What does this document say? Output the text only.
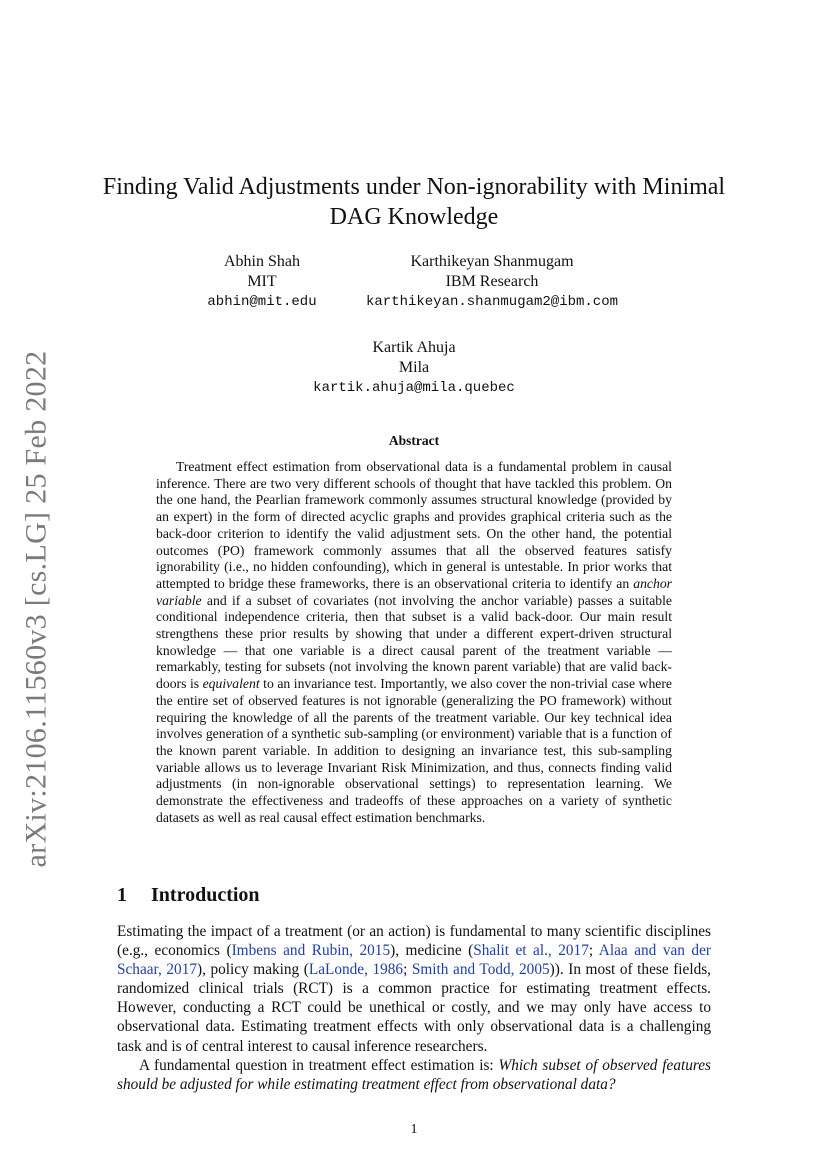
arXiv:2106.11560v3 [cs.LG] 25 Feb 2022
Finding Valid Adjustments under Non-ignorability with Minimal DAG Knowledge
Abhin Shah
MIT
abhin@mit.edu
Karthikeyan Shanmugam
IBM Research
karthikeyan.shanmugam2@ibm.com
Kartik Ahuja
Mila
kartik.ahuja@mila.quebec
Abstract

Treatment effect estimation from observational data is a fundamental problem in causal inference. There are two very different schools of thought that have tackled this problem. On the one hand, the Pearlian framework commonly assumes structural knowledge (provided by an expert) in the form of directed acyclic graphs and provides graphical criteria such as the back-door criterion to identify the valid adjustment sets. On the other hand, the potential outcomes (PO) framework commonly assumes that all the observed features satisfy ignorability (i.e., no hidden confounding), which in general is untestable. In prior works that attempted to bridge these frameworks, there is an observational criteria to identify an anchor variable and if a subset of covariates (not involving the anchor variable) passes a suitable conditional independence criteria, then that subset is a valid back-door. Our main result strengthens these prior results by showing that under a different expert-driven structural knowledge — that one variable is a direct causal parent of the treatment variable — remarkably, testing for subsets (not involving the known parent variable) that are valid back-doors is equivalent to an invariance test. Importantly, we also cover the non-trivial case where the entire set of observed features is not ignorable (generalizing the PO framework) without requiring the knowledge of all the parents of the treatment variable. Our key technical idea involves generation of a synthetic sub-sampling (or environment) variable that is a function of the known parent variable. In addition to designing an invariance test, this sub-sampling variable allows us to leverage Invariant Risk Minimization, and thus, connects finding valid adjustments (in non-ignorable observational settings) to representation learning. We demonstrate the effectiveness and tradeoffs of these approaches on a variety of synthetic datasets as well as real causal effect estimation benchmarks.

1 Introduction

Estimating the impact of a treatment (or an action) is fundamental to many scientific disciplines (e.g., economics (Imbens and Rubin, 2015), medicine (Shalit et al., 2017; Alaa and van der Schaar, 2017), policy making (LaLonde, 1986; Smith and Todd, 2005)). In most of these fields, randomized clinical trials (RCT) is a common practice for estimating treatment effects. However, conducting a RCT could be unethical or costly, and we may only have access to observational data. Estimating treatment effects with only observational data is a challenging task and is of central interest to causal inference researchers.

A fundamental question in treatment effect estimation is: Which subset of observed features should be adjusted for while estimating treatment effect from observational data?

1
